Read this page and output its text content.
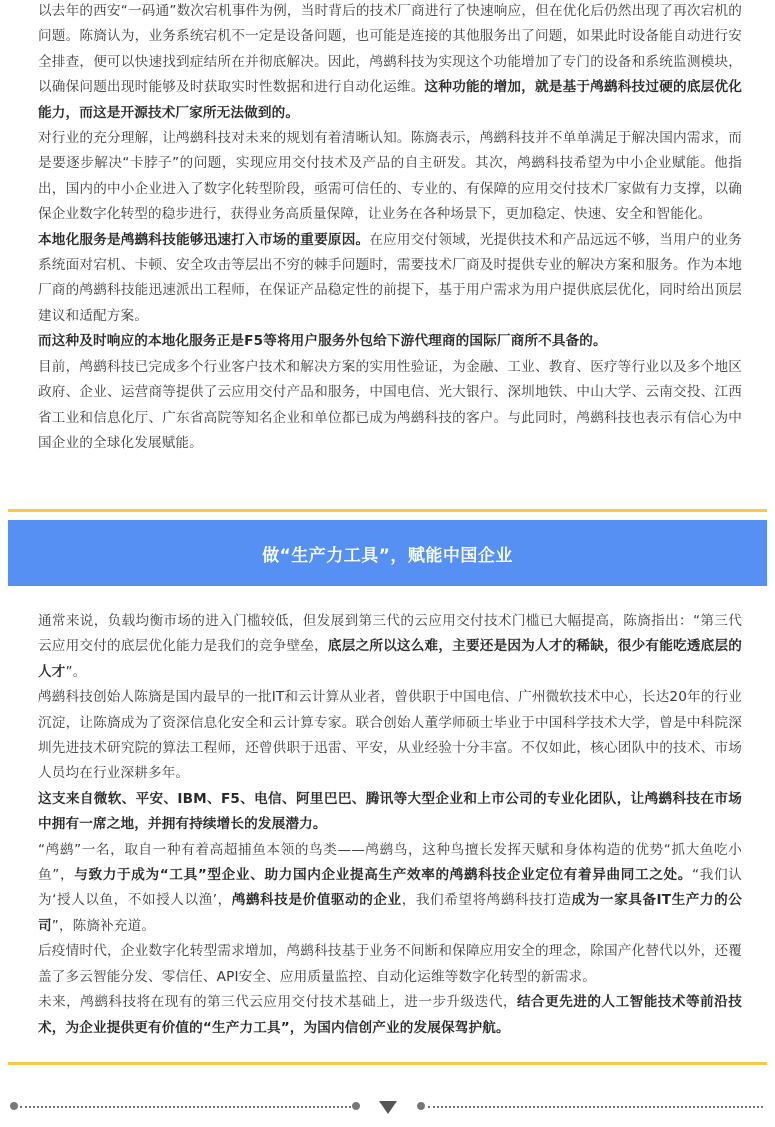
以去年的西安“一码通”数次宕机事件为例，当时背后的技术厂商进行了快速响应，但在优化后仍然出现了再次宕机的问题。陈旖认为，业务系统宕机不一定是设备问题，也可能是连接的其他服务出了问题，如果此时设备能自动进行安全排查，便可以快速找到症结所在并彻底解决。因此，鸬鹚科技为实现这个功能增加了专门的设备和系统监测模块，以确保问题出现时能够及时获取实时性数据和进行自动化运维。这种功能的增加，就是基于鸬鹚科技过硬的底层优化能力，而这是开源技术厂家所无法做到的。

对行业的充分理解，让鸬鹚科技对未来的规划有着清晰认知。陈旖表示，鸬鹚科技并不单单满足于解决国内需求，而是要逐步解决“卡脖子”的问题，实现应用交付技术及产品的自主研发。其次，鸬鹚科技希望为中小企业赋能。他指出，国内的中小企业进入了数字化转型阶段，亟需可信任的、专业的、有保障的应用交付技术厂家做有力支撑，以确保企业数字化转型的稳步进行，获得业务高质量保障，让业务在各种场景下，更加稳定、快速、安全和智能化。

本地化服务是鸬鹚科技能够迅速打入市场的重要原因。在应用交付领域，光提供技术和产品远远不够，当用户的业务系统面对宕机、卡顿、安全攻击等层出不穷的棘手问题时，需要技术厂商及时提供专业的解决方案和服务。作为本地厂商的鸬鹚科技能迅速派出工程师，在保证产品稳定性的前提下，基于用户需求为用户提供底层优化，同时给出顶层建议和适配方案。

而这种及时响应的本地化服务正是F5等将用户服务外包给下游代理商的国际厂商所不具备的。

目前，鸬鹚科技已完成多个行业客户技术和解决方案的实用性验证，为金融、工业、教育、医疗等行业以及多个地区政府、企业、运营商等提供了云应用交付产品和服务，中国电信、光大银行、深圳地铁、中山大学、云南交投、江西省工业和信息化厅、广东省高院等知名企业和单位都已成为鸬鹚科技的客户。与此同时，鸬鹚科技也表示有信心为中国企业的全球化发展赋能。

做“生产力工具”，赋能中国企业

通常来说，负载均衡市场的进入门槛较低，但发展到第三代的云应用交付技术门槛已大幅提高，陈旖指出：“第三代云应用交付的底层优化能力是我们的竞争壁垒，底层之所以这么难，主要还是因为人才的稀缺，很少有能吃透底层的人才”。

鸬鹚科技创始人陈旖是国内最早的一批IT和云计算从业者，曾供职于中国电信、广州微软技术中心，长达20年的行业沉淀，让陈旖成为了资深信息化安全和云计算专家。联合创始人董学师硕士毕业于中国科学技术大学，曾是中科院深圳先进技术研究院的算法工程师，还曾供职于迅雷、平安，从业经验十分丰富。不仅如此，核心团队中的技术、市场人员均在行业深耕多年。

这支来自微软、平安、IBM、F5、电信、阿里巴巴、腾讯等大型企业和上市公司的专业化团队，让鸬鹚科技在市场中拥有一席之地，并拥有持续增长的发展潜力。

“鸬鹚”一名，取自一种有着高超捕鱼本领的鸟类——鸬鹚鸟，这种鸟擅长发挥天赋和身体构造的优势“抓大鱼吃小鱼”，与致力于成为“工具”型企业、助力国内企业提高生产效率的鸬鹚科技企业定位有着异曲同工之处。“我们认为‘授人以鱼，不如授人以渔’，鸬鹚科技是价值驱动的企业，我们希望将鸬鹚科技打造成为一家具备IT生产力的公司”，陈旖补充道。

后疫情时代，企业数字化转型需求增加，鸬鹚科技基于业务不间断和保障应用安全的理念，除国产化替代以外，还覆盖了多云智能分发、零信任、API安全、应用质量监控、自动化运维等数字化转型的新需求。

未来，鸬鹚科技将在现有的第三代云应用交付技术基础上，进一步升级迭代，结合更先进的人工智能技术等前沿技术，为企业提供更有价值的“生产力工具”，为国内信创产业的发展保驾护航。
